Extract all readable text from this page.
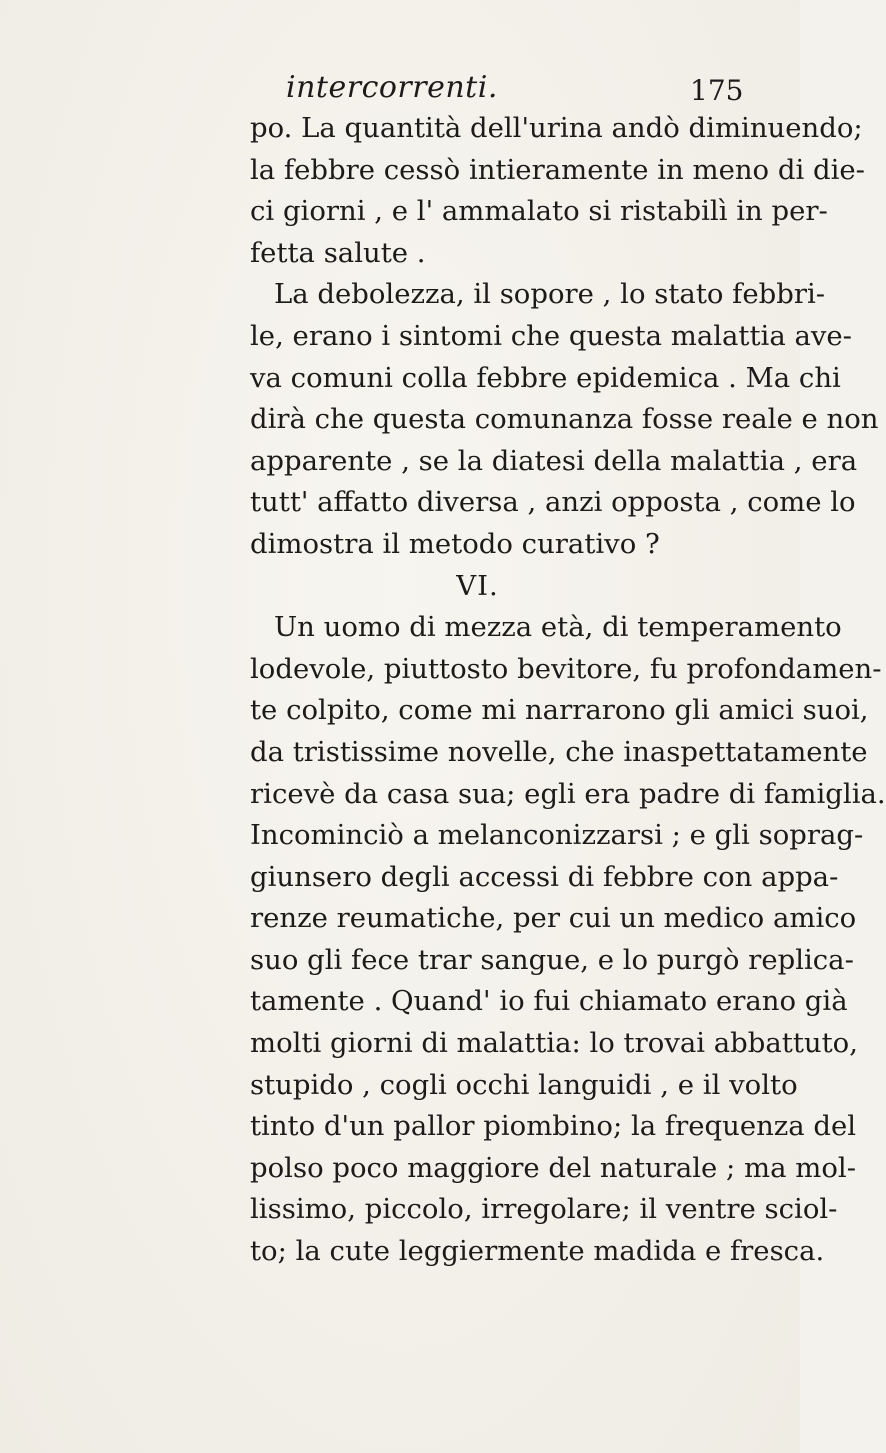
intercorrenti.	175
po. La quantità dell'urina andò diminuendo;
la febbre cessò intieramente in meno di die-
ci giorni , e l' ammalato si ristabilì in per-
fetta salute .
La debolezza, il sopore , lo stato febbri-
le, erano i sintomi che questa malattia ave-
va comuni colla febbre epidemica . Ma chi
dirà che questa comunanza fosse reale e non
apparente , se la diatesi della malattia , era
tutt' affatto diversa , anzi opposta , come lo
dimostra il metodo curativo ?
VI.
Un uomo di mezza età, di temperamento
lodevole, piuttosto bevitore, fu profondamen-
te colpito, come mi narrarono gli amici suoi,
da tristissime novelle, che inaspettatamente
ricevè da casa sua; egli era padre di famiglia.
Incominciò a melanconizzarsi ; e gli soprag-
giunsero degli accessi di febbre con appa-
renze reumatiche, per cui un medico amico
suo gli fece trar sangue, e lo purgò replica-
tamente . Quand' io fui chiamato erano già
molti giorni di malattia: lo trovai abbattuto,
stupido , cogli occhi languidi , e il volto
tinto d'un pallor piombino; la frequenza del
polso poco maggiore del naturale ; ma mol-
lissimo, piccolo, irregolare; il ventre sciol-
to; la cute leggiermente madida e fresca.
